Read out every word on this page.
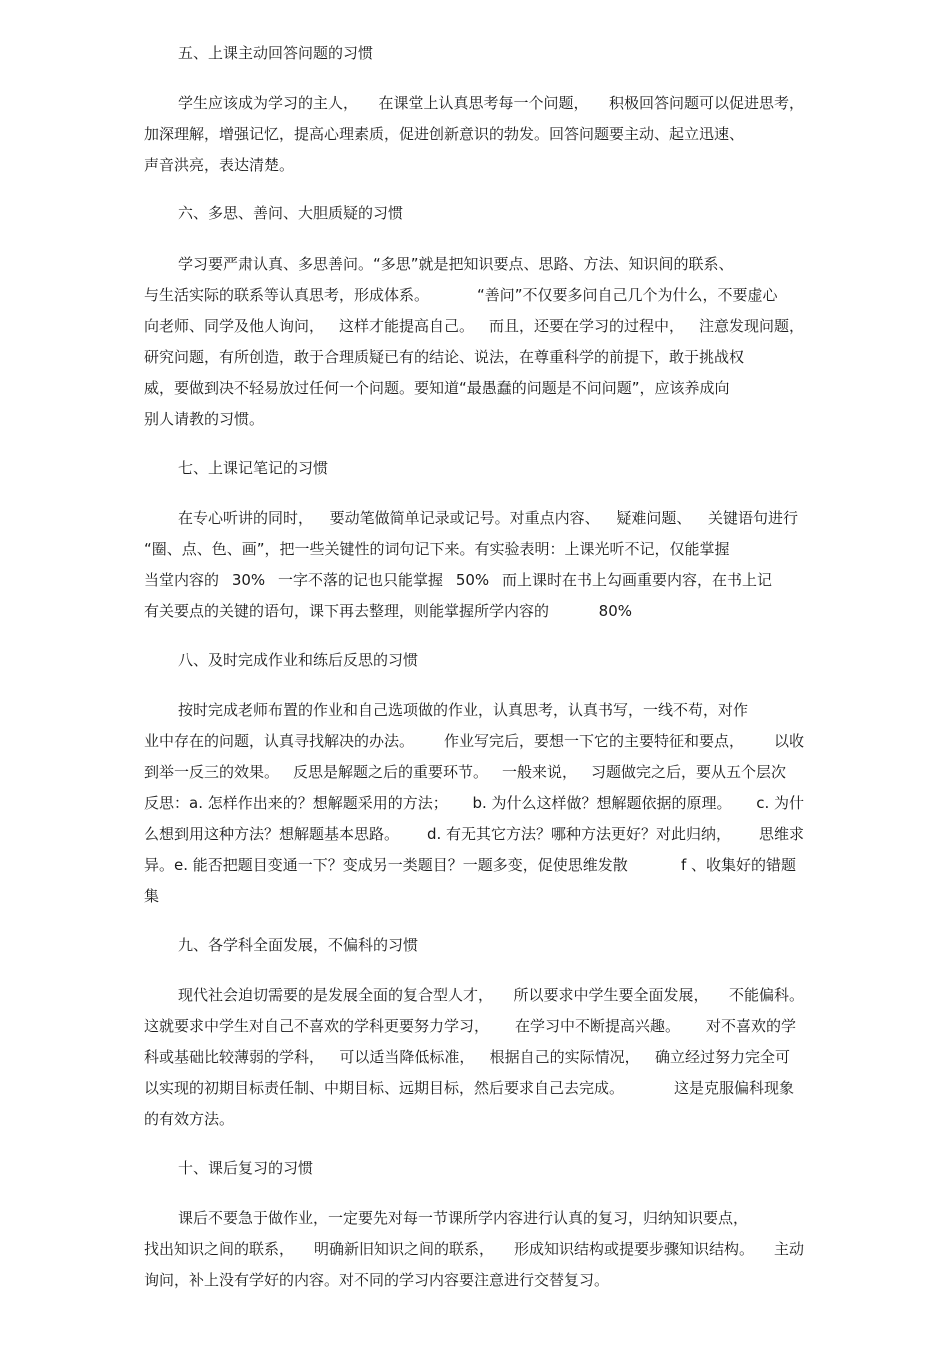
五、上课主动回答问题的习惯
学生应该成为学习的主人， 在课堂上认真思考每一个问题， 积极回答问题可以促进思考，
加深理解，增强记忆，提高心理素质，促进创新意识的勃发。回答问题要主动、起立迅速、
声音洪亮，表达清楚。
六、多思、善问、大胆质疑的习惯
学习要严肃认真、多思善问。“多思”就是把知识要点、思路、方法、知识间的联系、
与生活实际的联系等认真思考，形成体系。	“善问”不仅要多问自己几个为什么，不要虚心
向老师、同学及他人询问， 这样才能提高自己。 而且，还要在学习的过程中， 注意发现问题，
研究问题，有所创造，敢于合理质疑已有的结论、说法，在尊重科学的前提下，敢于挑战权
威，要做到决不轻易放过任何一个问题。要知道“最愚蠢的问题是不问问题”，应该养成向
别人请教的习惯。
七、上课记笔记的习惯
在专心听讲的同时， 要动笔做简单记录或记号。对重点内容、 疑难问题、 关键语句进行
“圈、点、色、画”，把一些关键性的词句记下来。有实验表明：上课光听不记，仅能掌握
当堂内容的 30% 一字不落的记也只能掌握 50% 而上课时在书上勾画重要内容，在书上记
有关要点的关键的语句，课下再去整理，则能掌握所学内容的	80%
八、及时完成作业和练后反思的习惯
按时完成老师布置的作业和自己选项做的作业，认真思考，认真书写，一线不苟，对作
业中存在的问题，认真寻找解决的办法。 作业写完后，要想一下它的主要特征和要点， 以收
到举一反三的效果。 反思是解题之后的重要环节。 一般来说， 习题做完之后，要从五个层次
反思：a. 怎样作出来的？想解题采用的方法； b. 为什么这样做？想解题依据的原理。 c. 为什
么想到用这种方法？想解题基本思路。 d. 有无其它方法？哪种方法更好？对此归纳， 思维求
异。e. 能否把题目变通一下？变成另一类题目？一题多变，促使思维发散	f 、收集好的错题
集
九、各学科全面发展，不偏科的习惯
现代社会迫切需要的是发展全面的复合型人才， 所以要求中学生要全面发展， 不能偏科。
这就要求中学生对自己不喜欢的学科更要努力学习， 在学习中不断提高兴趣。 对不喜欢的学
科或基础比较薄弱的学科， 可以适当降低标准， 根据自己的实际情况， 确立经过努力完全可
以实现的初期目标责任制、中期目标、远期目标，然后要求自己去完成。	这是克服偏科现象
的有效方法。
十、课后复习的习惯
课后不要急于做作业，一定要先对每一节课所学内容进行认真的复习，归纳知识要点，
找出知识之间的联系， 明确新旧知识之间的联系， 形成知识结构或提要步骤知识结构。 主动
询问，补上没有学好的内容。对不同的学习内容要注意进行交替复习。
